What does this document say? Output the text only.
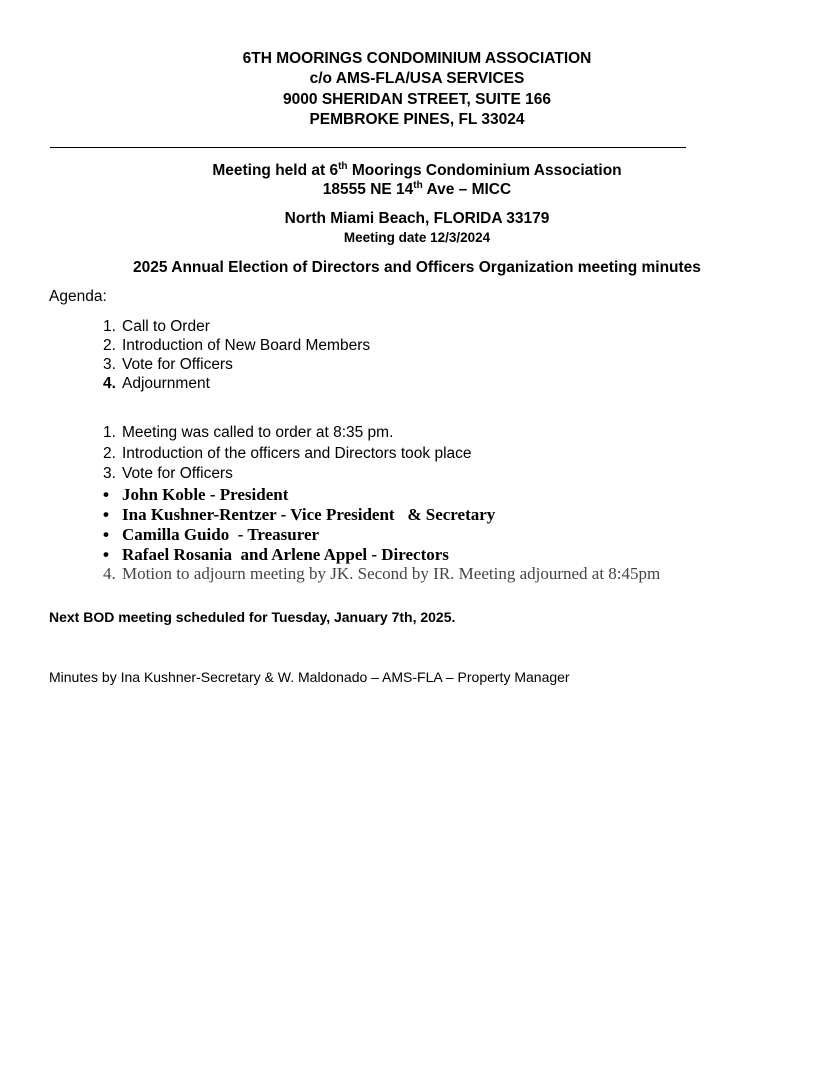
6TH MOORINGS CONDOMINIUM ASSOCIATION
c/o AMS-FLA/USA SERVICES
9000 SHERIDAN STREET, SUITE 166
PEMBROKE PINES, FL 33024
Meeting held at 6th Moorings Condominium Association
18555 NE 14th Ave – MICC
North Miami Beach, FLORIDA 33179
Meeting date 12/3/2024
2025 Annual Election of Directors and Officers Organization meeting minutes
Agenda:
1. Call to Order
2. Introduction of New Board Members
3. Vote for Officers
4. Adjournment
1. Meeting was called to order at 8:35 pm.
2. Introduction of the officers and Directors took place
3. Vote for Officers
• John Koble - President
• Ina Kushner-Rentzer - Vice President   & Secretary
• Camilla Guido  - Treasurer
• Rafael Rosania  and Arlene Appel - Directors
4. Motion to adjourn meeting by JK. Second by IR. Meeting adjourned at 8:45pm
Next BOD meeting scheduled for Tuesday, January 7th, 2025.
Minutes by Ina Kushner-Secretary & W. Maldonado – AMS-FLA – Property Manager
